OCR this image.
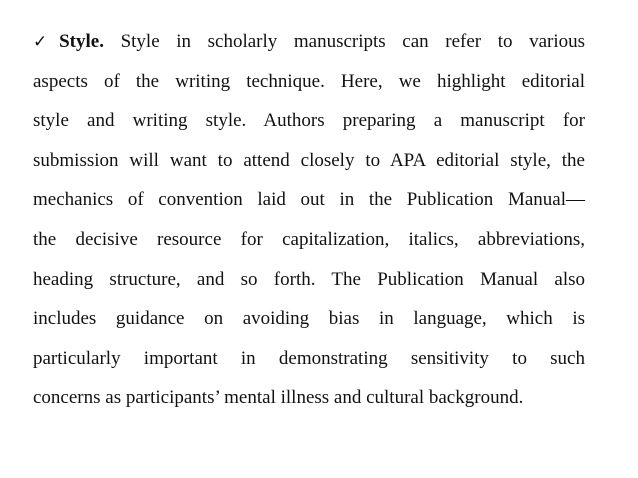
✓Style. Style in scholarly manuscripts can refer to various
aspects of the writing technique. Here, we highlight editorial
style and writing style. Authors preparing a manuscript for
submission will want to attend closely to APA editorial style, the
mechanics of convention laid out in the Publication Manual—
the decisive resource for capitalization, italics, abbreviations,
heading structure, and so forth. The Publication Manual also
includes guidance on avoiding bias in language, which is
particularly important in demonstrating sensitivity to such
concerns as participants’ mental illness and cultural background.
